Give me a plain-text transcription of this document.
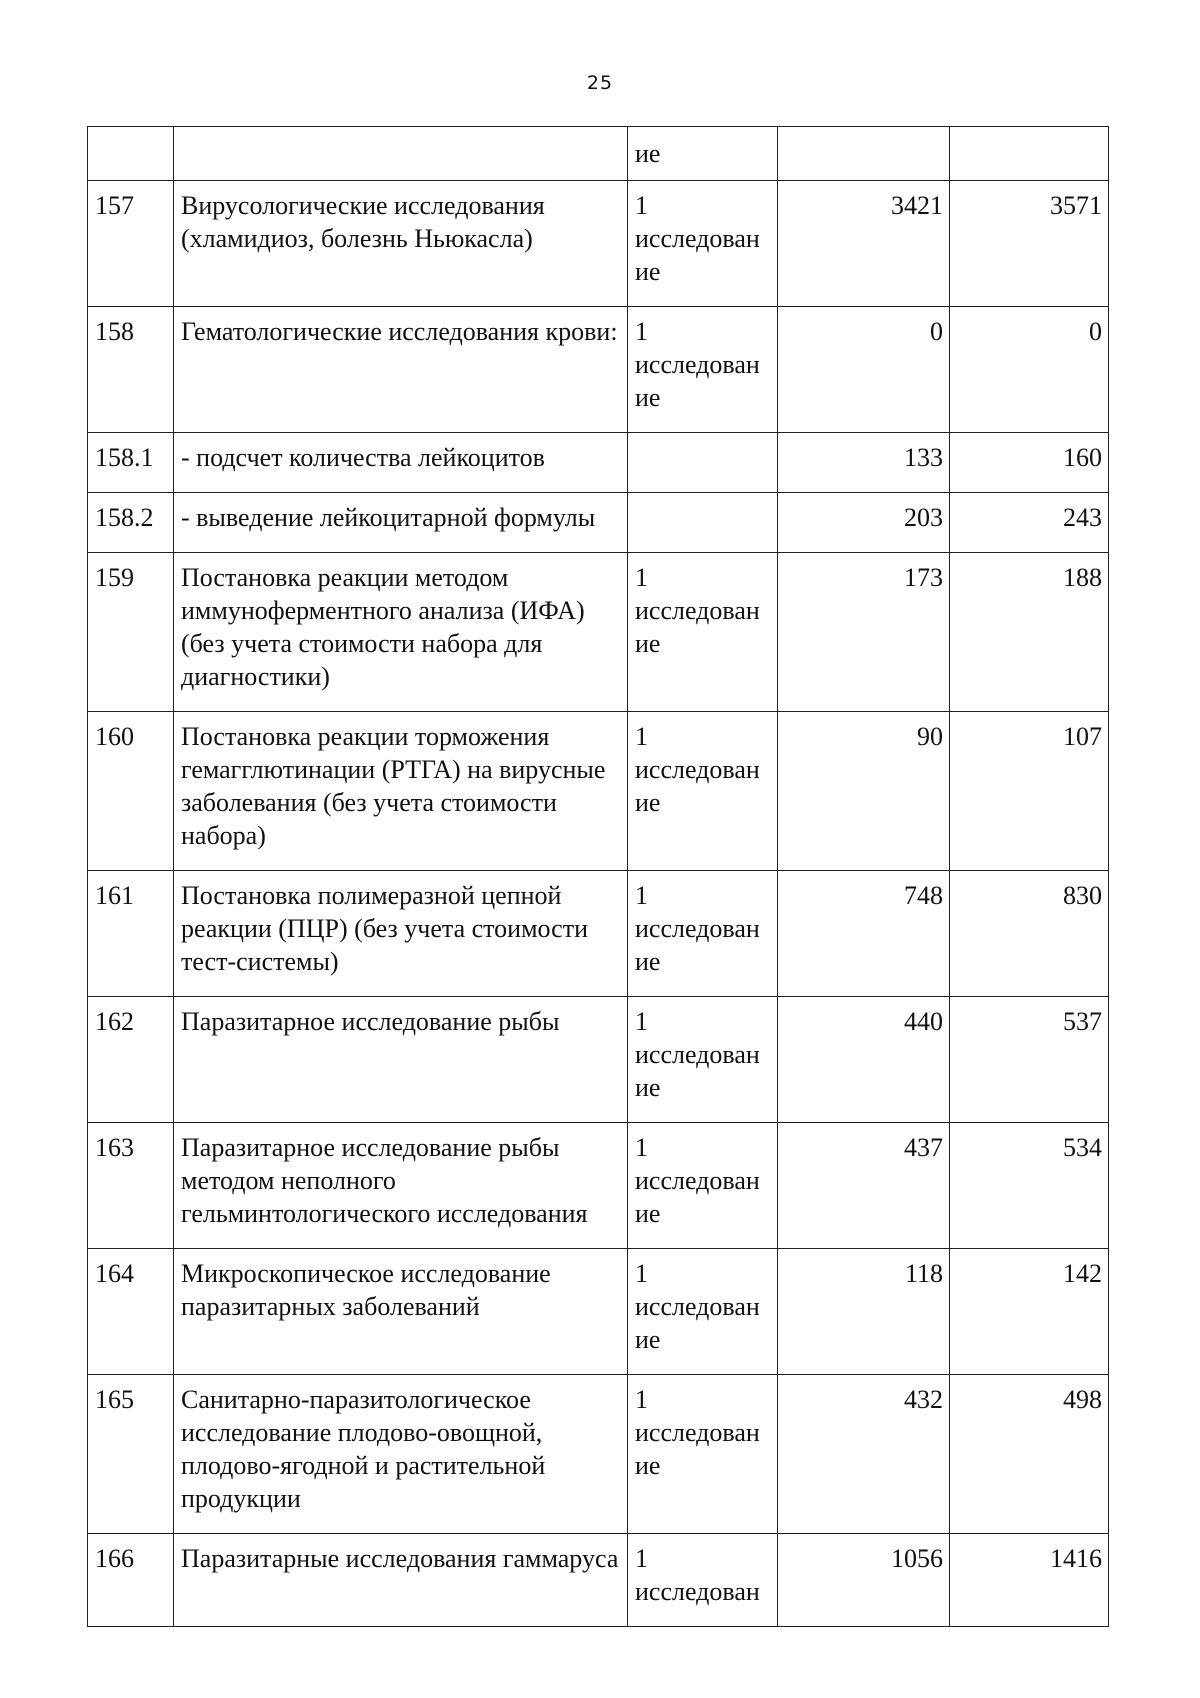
25
		ие		
157	Вирусологические исследования (хламидиоз, болезнь Ньюкасла)	1
исследован
ие	3421	3571
158	Гематологические исследования крови:	1
исследован
ие	0	0
158.1	- подсчет количества лейкоцитов		133	160
158.2	- выведение лейкоцитарной формулы		203	243
159	Постановка реакции методом иммуноферментного анализа (ИФА) (без учета стоимости набора для диагностики)	1
исследован
ие	173	188
160	Постановка реакции торможения гемагглютинации (РТГА) на вирусные заболевания (без учета стоимости набора)	1
исследован
ие	90	107
161	Постановка полимеразной цепной реакции (ПЦР) (без учета стоимости тест-системы)	1
исследован
ие	748	830
162	Паразитарное исследование рыбы	1
исследован
ие	440	537
163	Паразитарное исследование рыбы методом неполного гельминтологического исследования	1
исследован
ие	437	534
164	Микроскопическое исследование паразитарных заболеваний	1
исследован
ие	118	142
165	Санитарно-паразитологическое исследование плодово-овощной, плодово-ягодной и растительной продукции	1
исследован
ие	432	498
166	Паразитарные исследования гаммаруса	1
исследован	1056	1416
